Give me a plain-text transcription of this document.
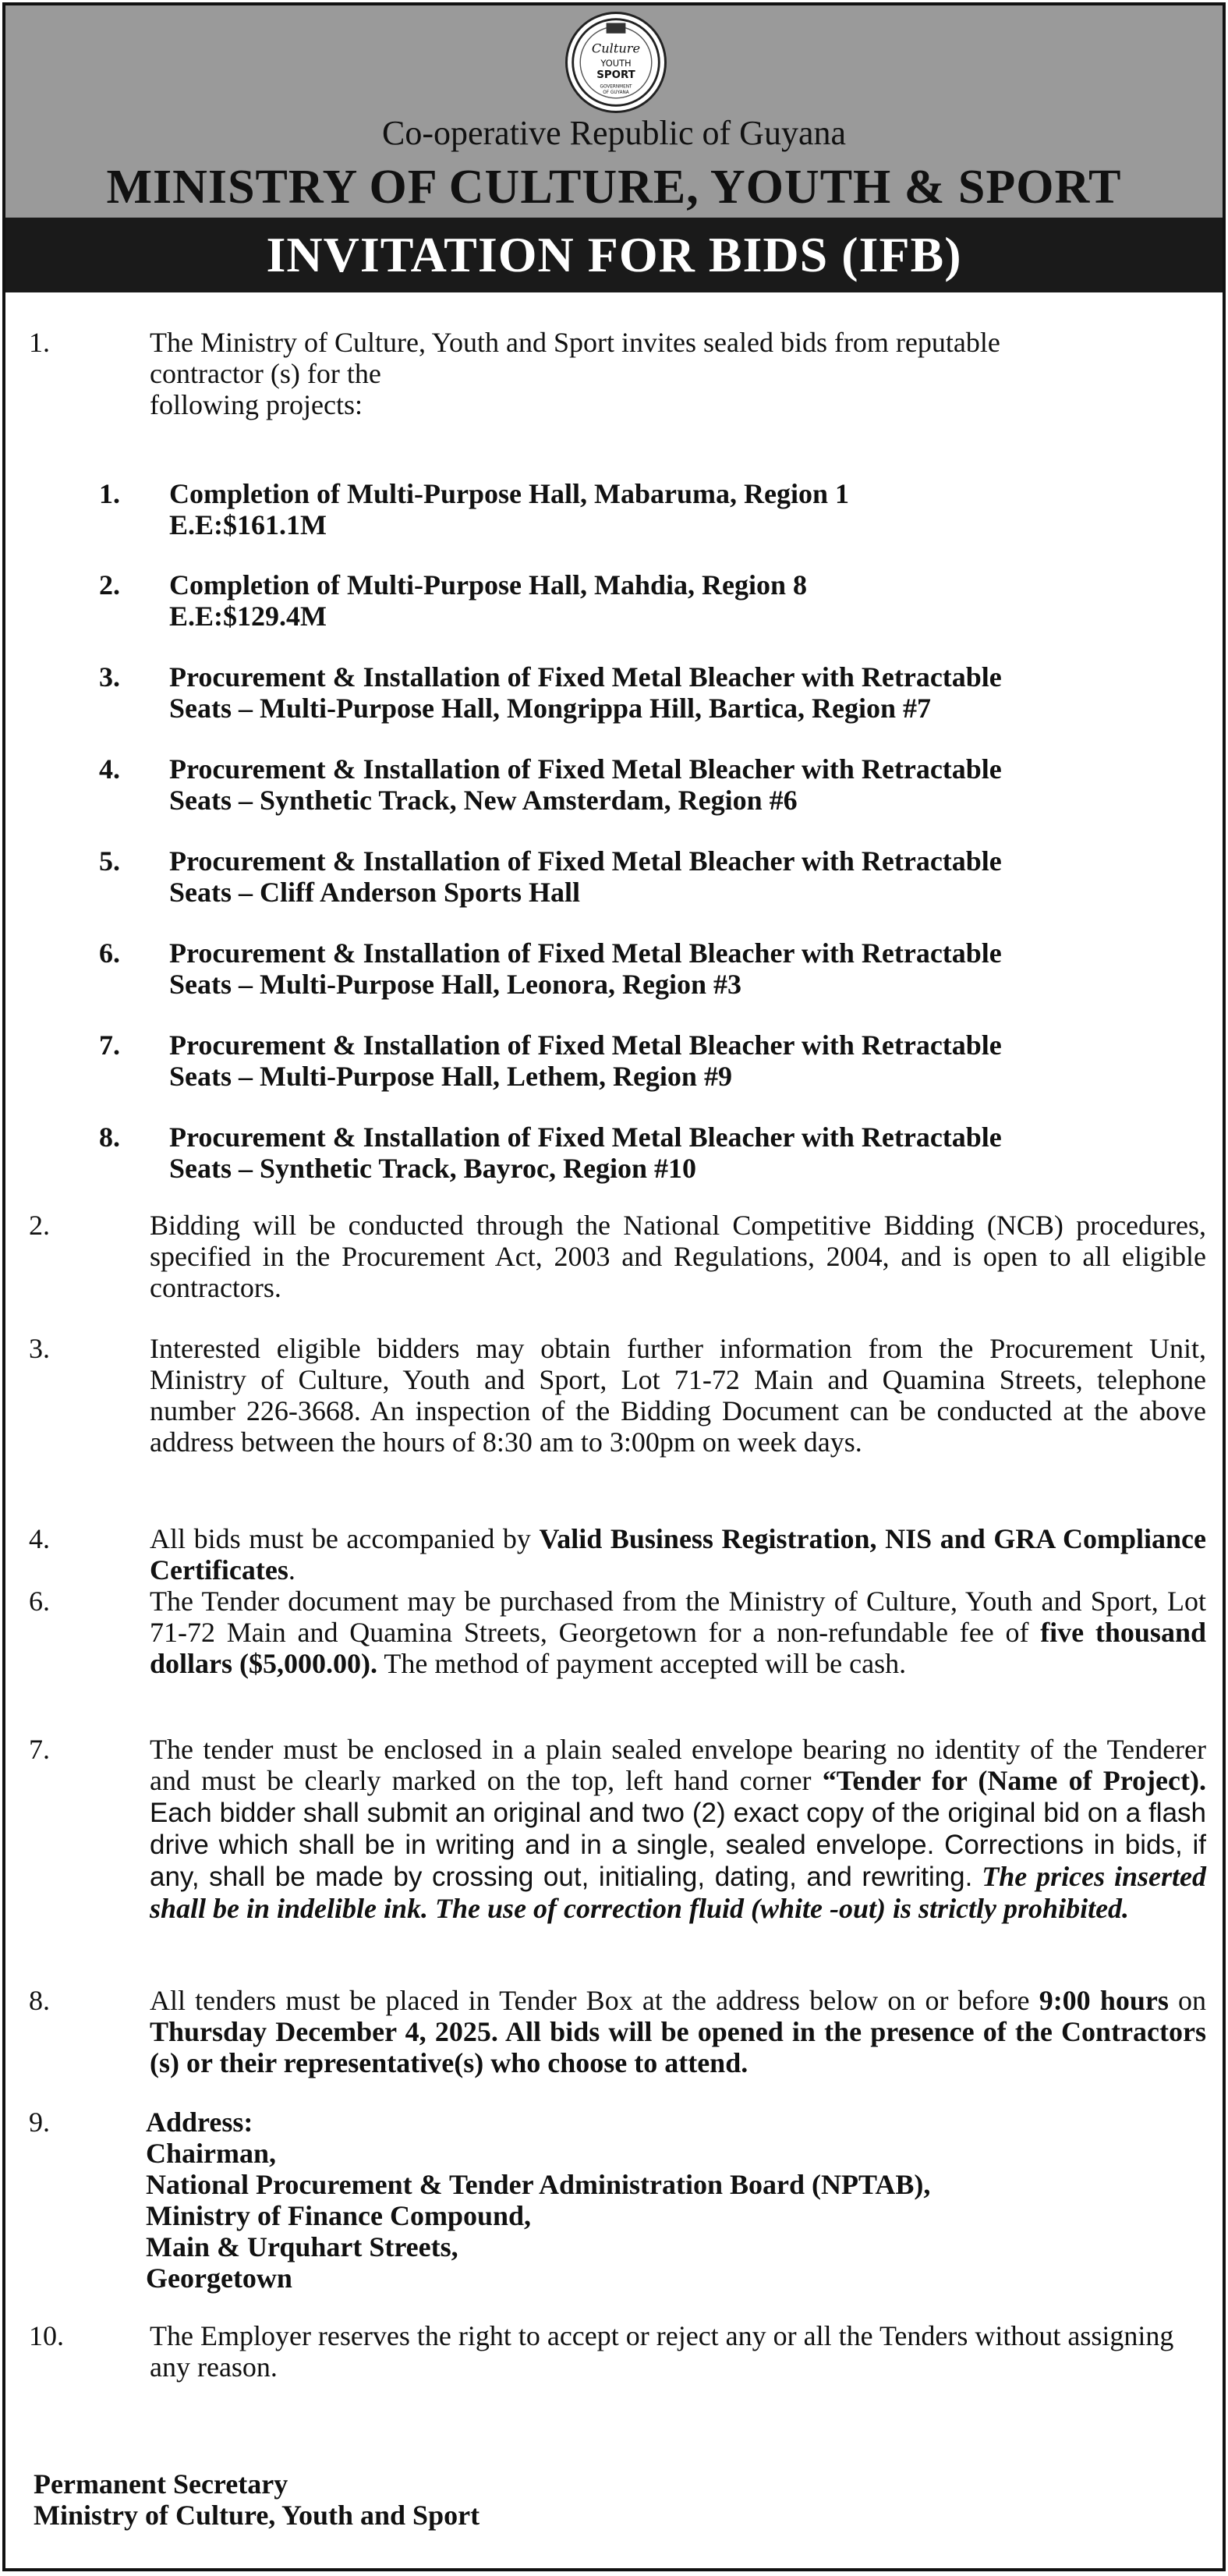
Culture
YOUTH
SPORT
GOVERNMENT
OF GUYANA
Co-operative Republic of Guyana
MINISTRY OF CULTURE, YOUTH & SPORT
INVITATION FOR BIDS (IFB)
1.	The Ministry of Culture, Youth and Sport invites sealed bids from reputable
contractor (s) for the
following projects:
1. Completion of Multi-Purpose Hall, Mabaruma, Region 1
E.E:$161.1M
2. Completion of Multi-Purpose Hall, Mahdia, Region 8
E.E:$129.4M
3. Procurement & Installation of Fixed Metal Bleacher with Retractable
Seats – Multi-Purpose Hall, Mongrippa Hill, Bartica, Region #7
4. Procurement & Installation of Fixed Metal Bleacher with Retractable
Seats – Synthetic Track, New Amsterdam, Region #6
5. Procurement & Installation of Fixed Metal Bleacher with Retractable
Seats – Cliff Anderson Sports Hall
6. Procurement & Installation of Fixed Metal Bleacher with Retractable
Seats – Multi-Purpose Hall, Leonora, Region #3
7. Procurement & Installation of Fixed Metal Bleacher with Retractable
Seats – Multi-Purpose Hall, Lethem, Region #9
8. Procurement & Installation of Fixed Metal Bleacher with Retractable
Seats – Synthetic Track, Bayroc, Region #10
2.	Bidding will be conducted through the National Competitive Bidding (NCB) procedures, specified in the Procurement Act, 2003 and Regulations, 2004, and is open to all eligible contractors.
3.	Interested eligible bidders may obtain further information from the Procurement Unit, Ministry of Culture, Youth and Sport, Lot 71-72 Main and Quamina Streets, telephone number 226-3668. An inspection of the Bidding Document can be conducted at the above address between the hours of 8:30 am to 3:00pm on week days.
4.	All bids must be accompanied by Valid Business Registration, NIS and GRA Compliance Certificates.
6.	The Tender document may be purchased from the Ministry of Culture, Youth and Sport, Lot 71-72 Main and Quamina Streets, Georgetown for a non-refundable fee of five thousand dollars ($5,000.00). The method of payment accepted will be cash.
7.	The tender must be enclosed in a plain sealed envelope bearing no identity of the Tenderer and must be clearly marked on the top, left hand corner “Tender for (Name of Project). Each bidder shall submit an original and two (2) exact copy of the original bid on a flash drive which shall be in writing and in a single, sealed envelope. Corrections in bids, if any, shall be made by crossing out, initialing, dating, and rewriting. The prices inserted shall be in indelible ink. The use of correction fluid (white -out) is strictly prohibited.
8.	All tenders must be placed in Tender Box at the address below on or before 9:00 hours on Thursday December 4, 2025. All bids will be opened in the presence of the Contractors (s) or their representative(s) who choose to attend.
9.	Address:
Chairman,
National Procurement & Tender Administration Board (NPTAB),
Ministry of Finance Compound,
Main & Urquhart Streets,
Georgetown
10.	The Employer reserves the right to accept or reject any or all the Tenders without assigning any reason.
Permanent Secretary
Ministry of Culture, Youth and Sport
